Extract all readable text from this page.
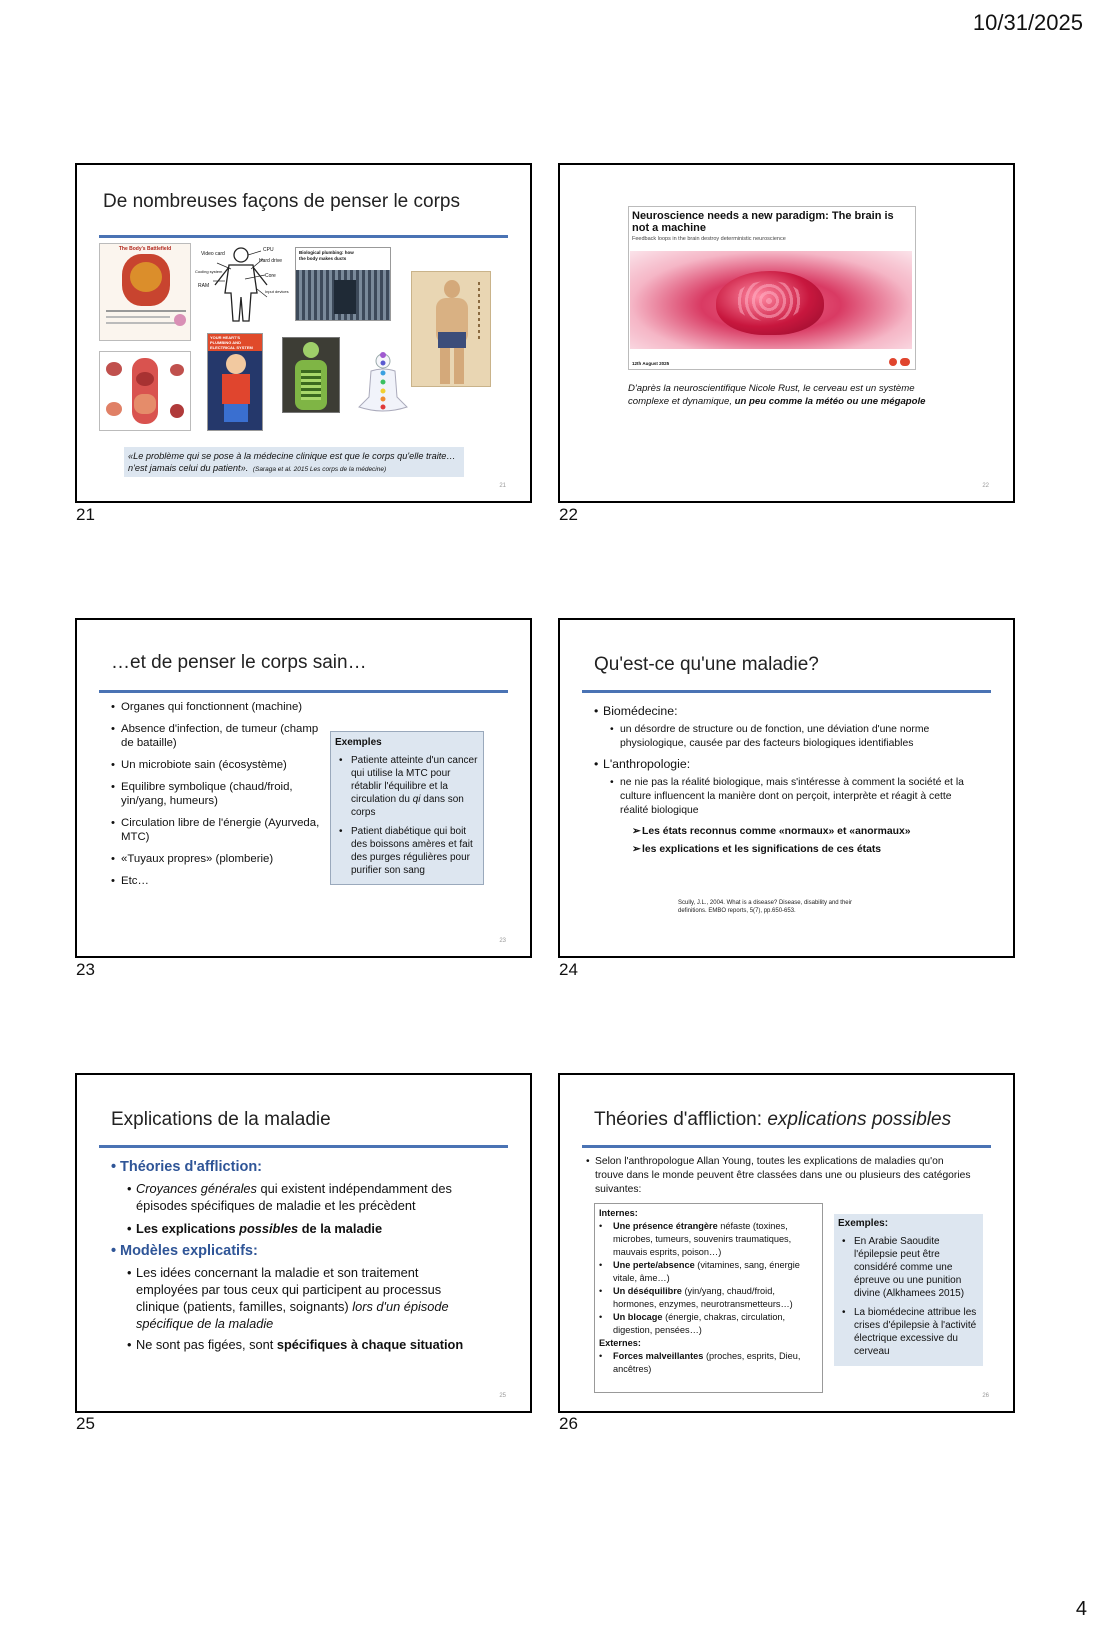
10/31/2025
De nombreuses façons de penser le corps
The Body's Battlefield	CPU
Hard drive
Core
Video card
Cooling system
RAM
Input devices
Biological plumbing: how the body makes ducts
YOUR HEART'S PLUMBING AND ELECTRICAL SYSTEM
«Le problème qui se pose à la médecine clinique est que le corps qu'elle traite…n'est jamais celui du patient». (Saraga et al. 2015 Les corps de la médecine)
21
21
Neuroscience needs a new paradigm: The brain is not a machine
Feedback loops in the brain destroy deterministic neuroscience
12th August 2025
D'après la neuroscientifique Nicole Rust, le cerveau est un système complexe et dynamique, un peu comme la météo ou une mégapole
22
22
…et de penser le corps sain…
• Organes qui fonctionnent (machine)
• Absence d'infection, de tumeur (champ de bataille)
• Un microbiote sain (écosystème)
• Equilibre symbolique (chaud/froid, yin/yang, humeurs)
• Circulation libre de l'énergie (Ayurveda, MTC)
• «Tuyaux propres» (plomberie)
• Etc…
Exemples
• Patiente atteinte d'un cancer qui utilise la MTC pour rétablir l'équilibre et la circulation du qi dans son corps
• Patient diabétique qui boit des boissons amères et fait des purges régulières pour purifier son sang
23
23
Qu'est-ce qu'une maladie?
• Biomédecine:
• un désordre de structure ou de fonction, une déviation d'une norme physiologique, causée par des facteurs biologiques identifiables
• L'anthropologie:
• ne nie pas la réalité biologique, mais s'intéresse à comment la société et la culture influencent la manière dont on perçoit, interprète et réagit à cette réalité biologique
➢ Les états reconnus comme «normaux» et «anormaux»
➢ les explications et les significations de ces états
Scully, J.L., 2004. What is a disease? Disease, disability and their definitions. EMBO reports, 5(7), pp.650-653.
24
Explications de la maladie
• Théories d'affliction:
• Croyances générales qui existent indépendamment des épisodes spécifiques de maladie et les précèdent
• Les explications possibles de la maladie
• Modèles explicatifs:
• Les idées concernant la maladie et son traitement employées par tous ceux qui participent au processus clinique (patients, familles, soignants) lors d'un épisode spécifique de la maladie
• Ne sont pas figées, sont spécifiques à chaque situation
25
25
Théories d'affliction: explications possibles
• Selon l'anthropologue Allan Young, toutes les explications de maladies qu'on trouve dans le monde peuvent être classées dans une ou plusieurs des catégories suivantes:
Internes:
• Une présence étrangère néfaste (toxines, microbes, tumeurs, souvenirs traumatiques, mauvais esprits, poison…)
• Une perte/absence (vitamines, sang, énergie vitale, âme…)
• Un déséquilibre (yin/yang, chaud/froid, hormones, enzymes, neurotransmetteurs…)
• Un blocage (énergie, chakras, circulation, digestion, pensées…)
Externes:
• Forces malveillantes (proches, esprits, Dieu, ancêtres)
Exemples:
• En Arabie Saoudite l'épilepsie peut être considéré comme une épreuve ou une punition divine (Alkhamees 2015)
• La biomédecine attribue les crises d'épilepsie à l'activité électrique excessive du cerveau
26
26
4
